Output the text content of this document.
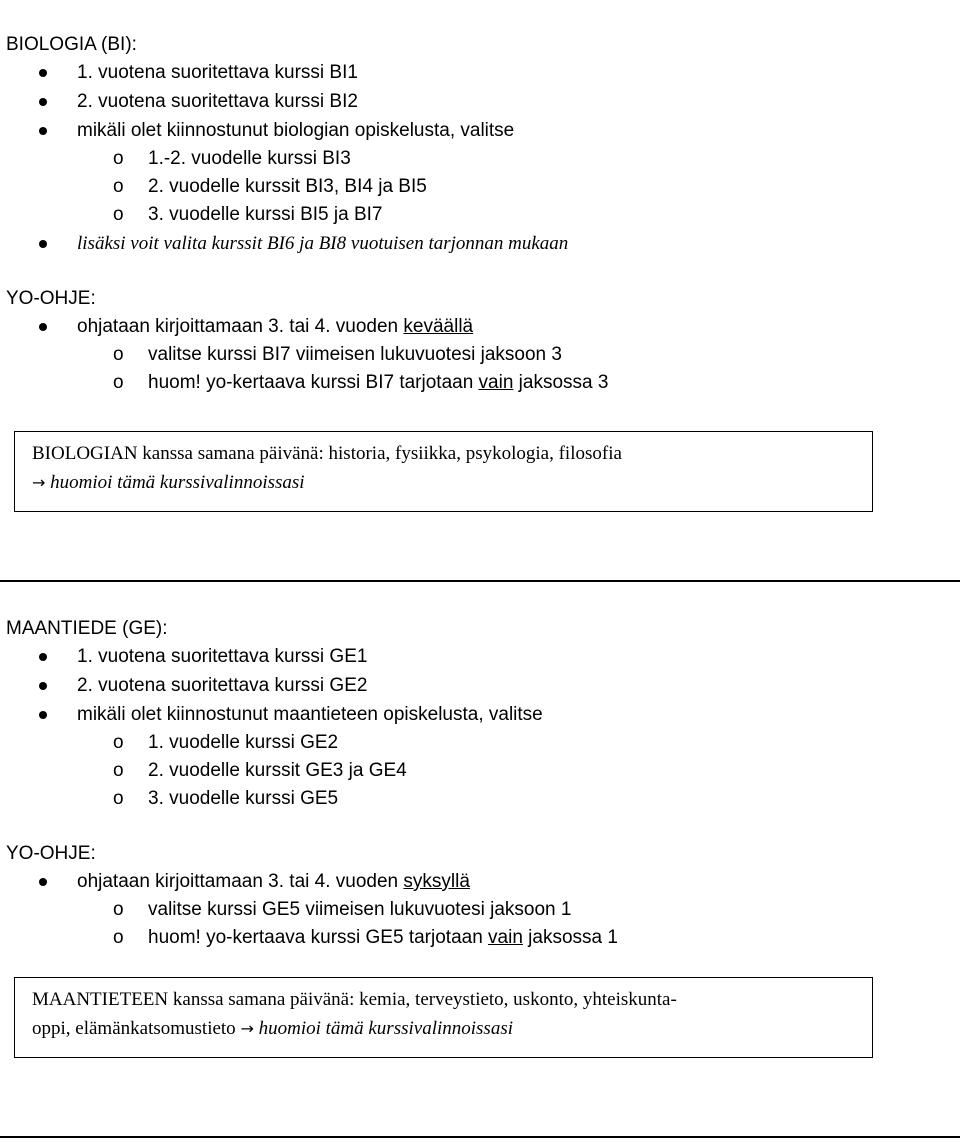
BIOLOGIA (BI):
1. vuotena suoritettava kurssi BI1
2. vuotena suoritettava kurssi BI2
mikäli olet kiinnostunut biologian opiskelusta, valitse
o 1.-2. vuodelle kurssi BI3
o 2. vuodelle kurssit BI3, BI4 ja BI5
o 3. vuodelle kurssi BI5 ja BI7
lisäksi voit valita kurssit BI6 ja BI8 vuotuisen tarjonnan mukaan
YO-OHJE:
ohjataan kirjoittamaan 3. tai 4. vuoden keväällä
o valitse kurssi BI7 viimeisen lukuvuotesi jaksoon 3
o huom! yo-kertaava kurssi BI7 tarjotaan vain jaksossa 3
BIOLOGIAN kanssa samana päivänä: historia, fysiikka, psykologia, filosofia
→ huomioi tämä kurssivalinnoissasi
MAANTIEDE (GE):
1. vuotena suoritettava kurssi GE1
2. vuotena suoritettava kurssi GE2
mikäli olet kiinnostunut maantieteen opiskelusta, valitse
o 1. vuodelle kurssi GE2
o 2. vuodelle kurssit GE3 ja GE4
o 3. vuodelle kurssi GE5
YO-OHJE:
ohjataan kirjoittamaan 3. tai 4. vuoden syksyllä
o valitse kurssi GE5 viimeisen lukuvuotesi jaksoon 1
o huom! yo-kertaava kurssi GE5 tarjotaan vain jaksossa 1
MAANTIETEEN kanssa samana päivänä: kemia, terveystieto, uskonto, yhteiskunta-
oppi, elämänkatsomustieto → huomioi tämä kurssivalinnoissasi
